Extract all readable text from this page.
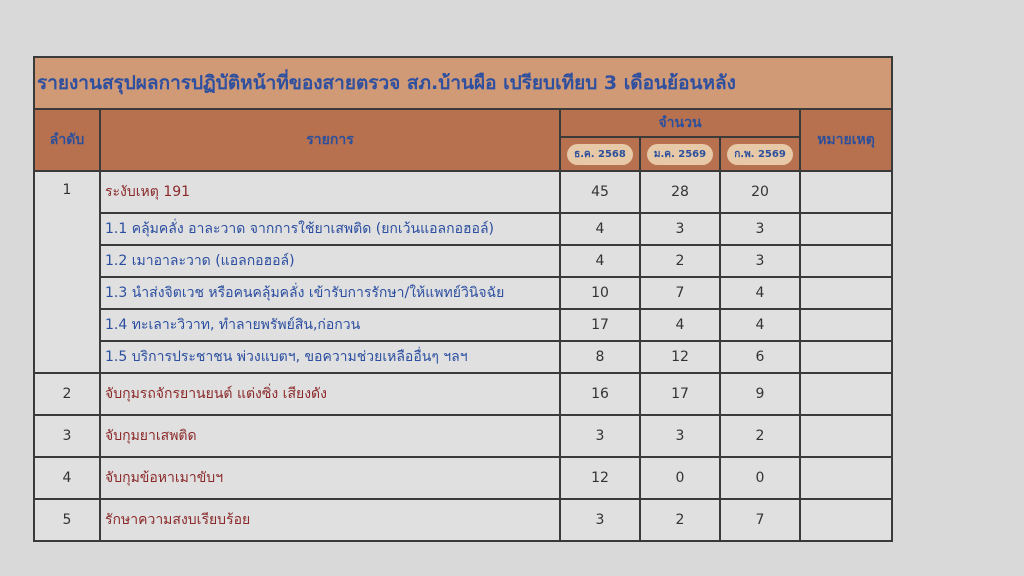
รายงานสรุปผลการปฏิบัติหน้าที่ของสายตรวจ สภ.บ้านผือ เปรียบเทียบ 3 เดือนย้อนหลัง					
ลำดับ	รายการ	จำนวน			หมายเหตุ
		ธ.ค. 2568	ม.ค. 2569	ก.พ. 2569	
1	ระงับเหตุ 191	45	28	20	
	1.1 คลุ้มคลั่ง อาละวาด จากการใช้ยาเสพติด (ยกเว้นแอลกอฮอล์)	4	3	3	
	1.2 เมาอาละวาด (แอลกอฮอล์)	4	2	3	
	1.3 นำส่งจิตเวช หรือคนคลุ้มคลั่ง เข้ารับการรักษา/ให้แพทย์วินิจฉัย	10	7	4	
	1.4 ทะเลาะวิวาท, ทำลายพรัพย์สิน,ก่อกวน	17	4	4	
	1.5 บริการประชาชน พ่วงแบตฯ, ขอความช่วยเหลืออื่นๆ ฯลฯ	8	12	6	
2	จับกุมรถจักรยานยนต์ แต่งซิ่ง เสียงดัง	16	17	9	
3	จับกุมยาเสพติด	3	3	2	
4	จับกุมข้อหาเมาขับฯ	12	0	0	
5	รักษาความสงบเรียบร้อย	3	2	7	
